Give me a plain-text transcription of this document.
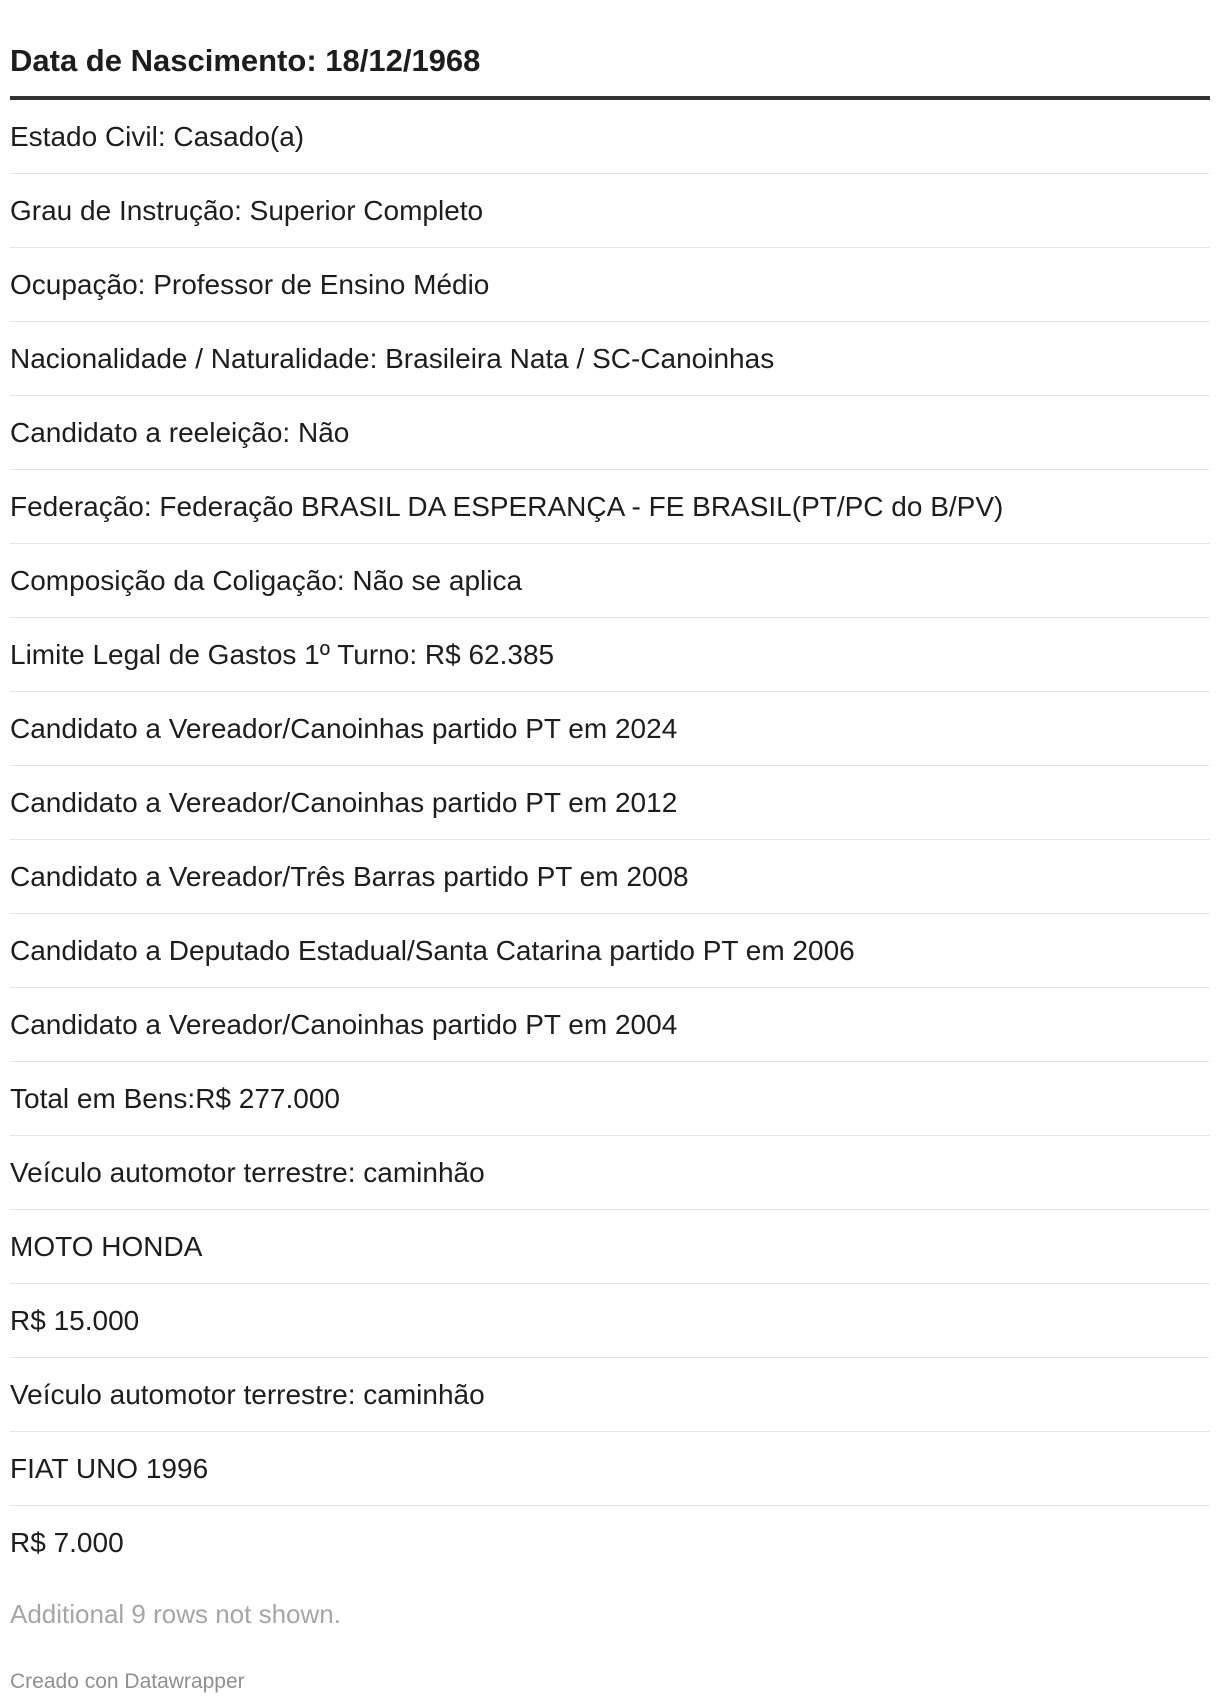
Data de Nascimento: 18/12/1968
Estado Civil: Casado(a)
Grau de Instrução: Superior Completo
Ocupação: Professor de Ensino Médio
Nacionalidade / Naturalidade: Brasileira Nata / SC-Canoinhas
Candidato a reeleição: Não
Federação: Federação BRASIL DA ESPERANÇA - FE BRASIL(PT/PC do B/PV)
Composição da Coligação: Não se aplica
Limite Legal de Gastos 1º Turno: R$ 62.385
Candidato a Vereador/Canoinhas partido PT em 2024
Candidato a Vereador/Canoinhas partido PT em 2012
Candidato a Vereador/Três Barras partido PT em 2008
Candidato a Deputado Estadual/Santa Catarina partido PT em 2006
Candidato a Vereador/Canoinhas partido PT em 2004
Total em Bens:R$ 277.000
Veículo automotor terrestre: caminhão
MOTO HONDA
R$ 15.000
Veículo automotor terrestre: caminhão
FIAT UNO 1996
R$ 7.000
Additional 9 rows not shown.
Creado con Datawrapper
